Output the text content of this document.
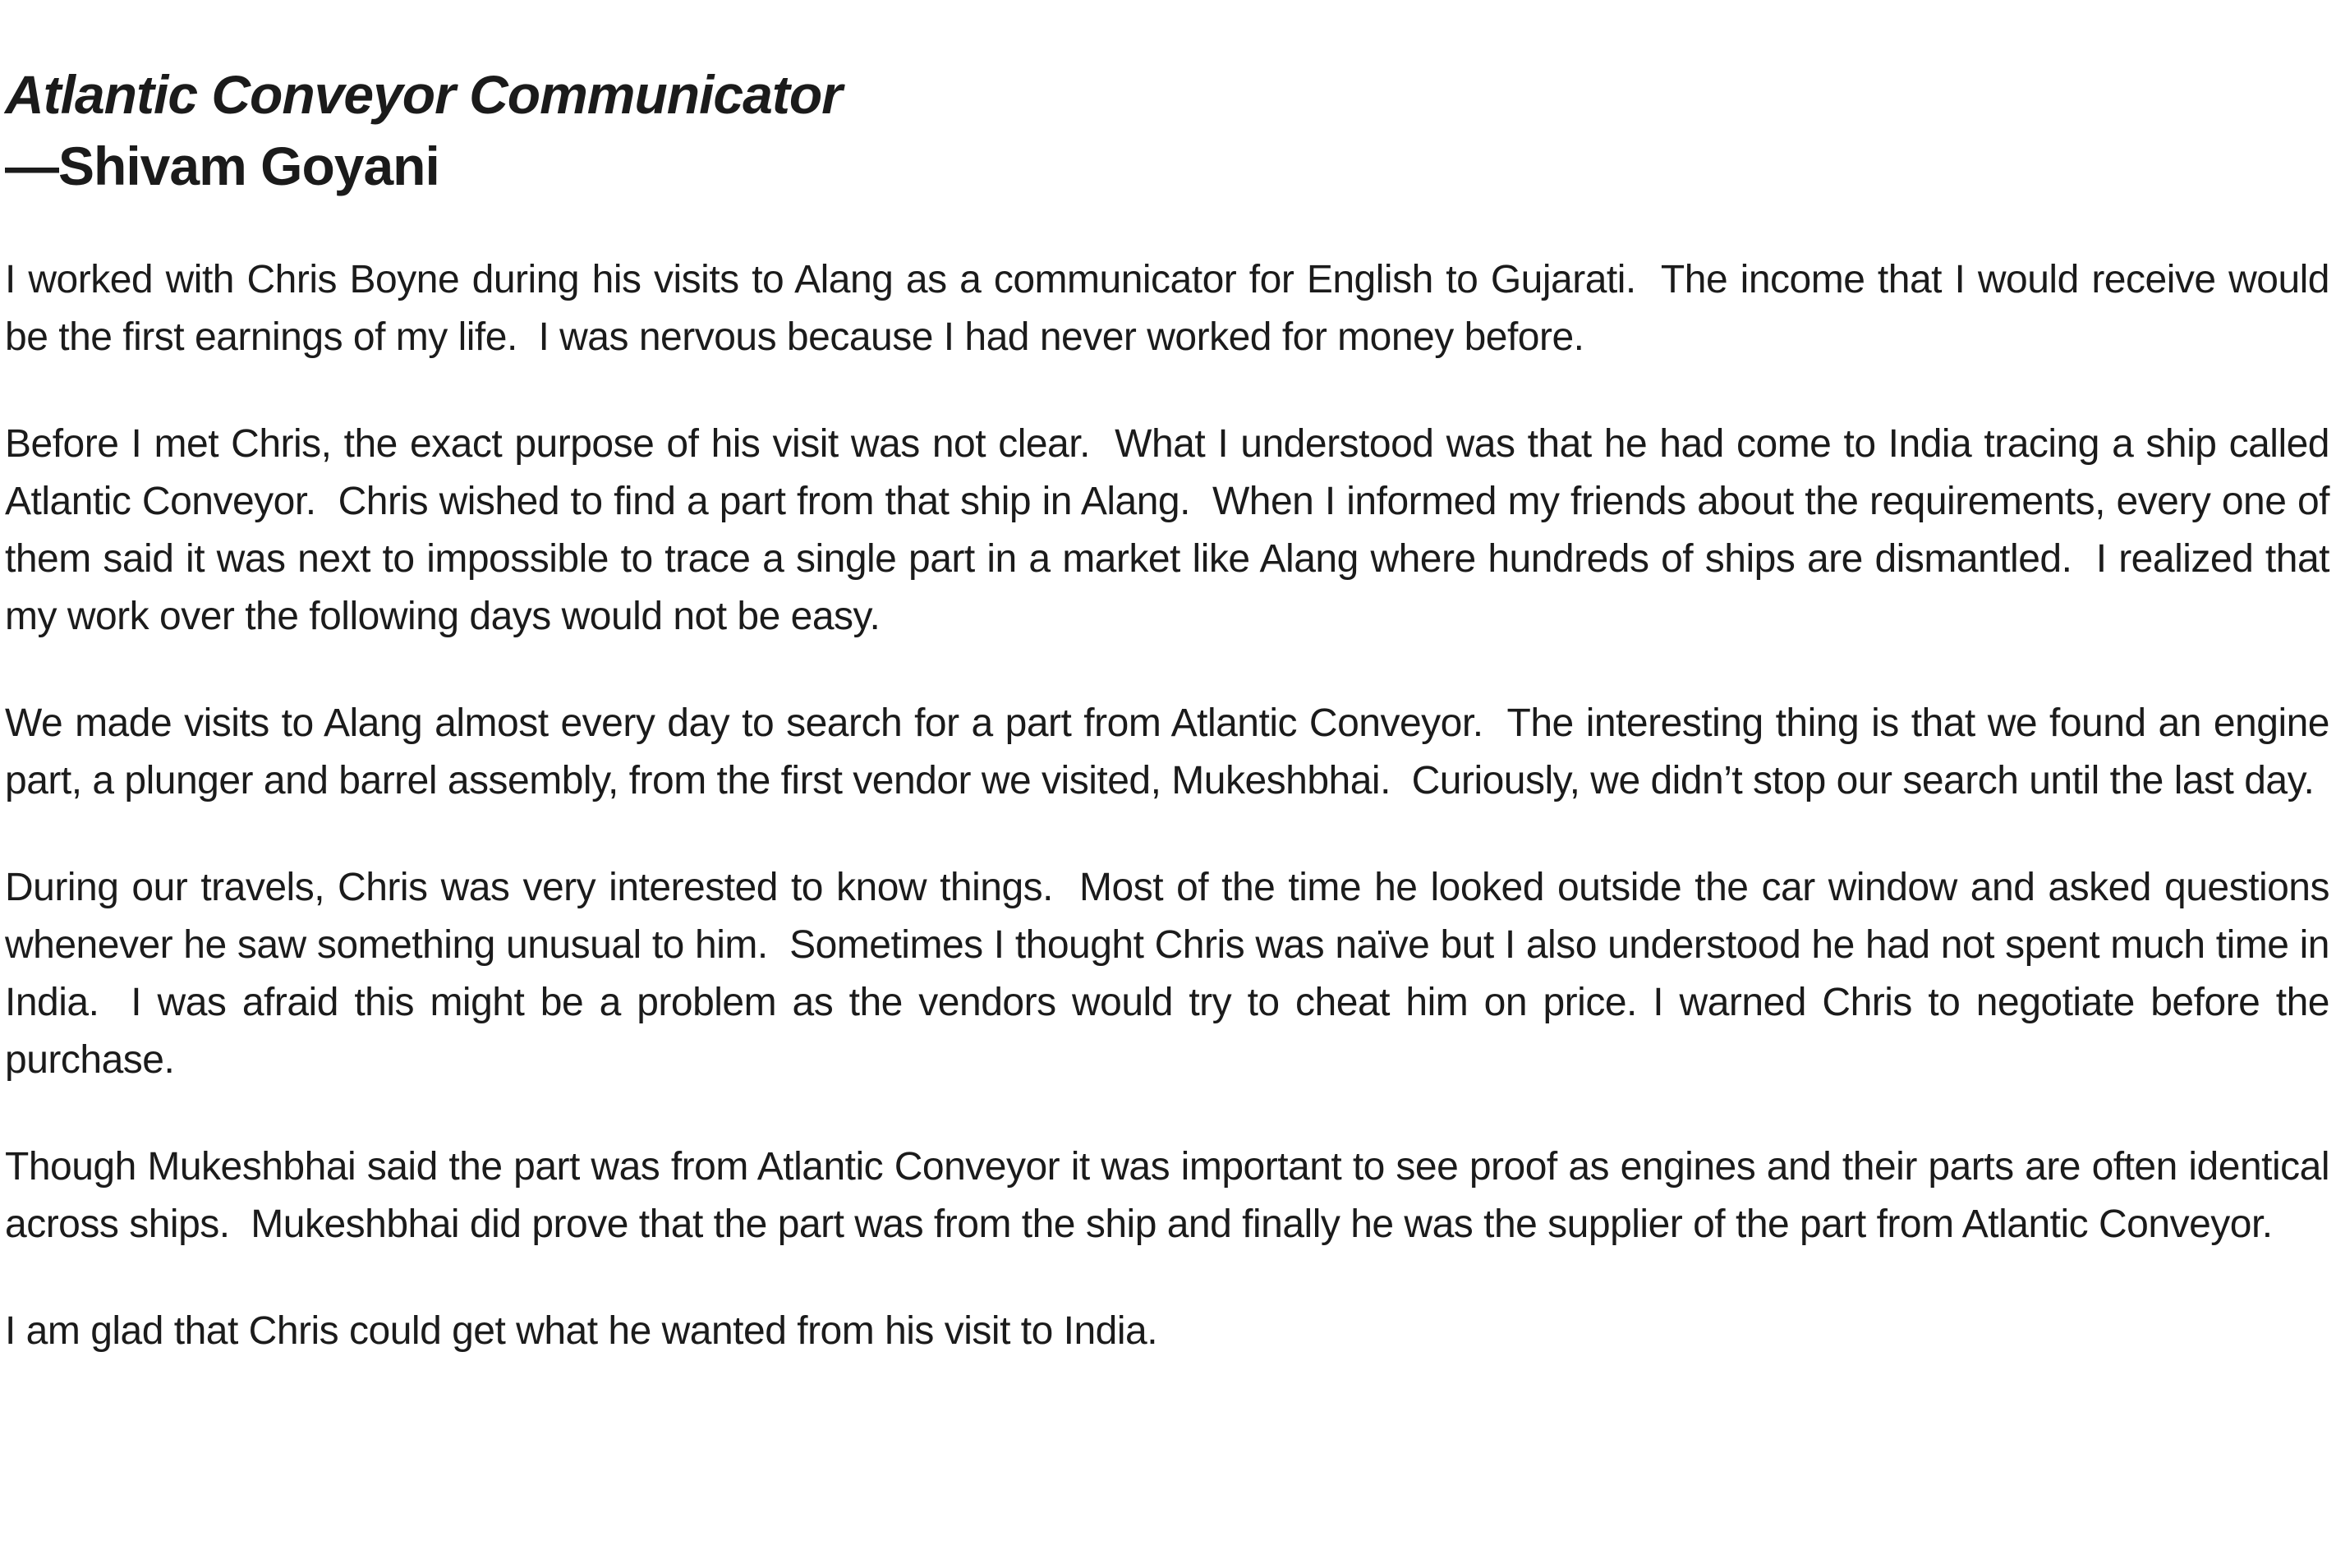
Atlantic Conveyor Communicator
—Shivam Goyani

I worked with Chris Boyne during his visits to Alang as a communicator for English to Gujarati.  The income that I would receive would be the first earnings of my life.  I was nervous because I had never worked for money before.

Before I met Chris, the exact purpose of his visit was not clear.  What I understood was that he had come to India tracing a ship called Atlantic Conveyor.  Chris wished to find a part from that ship in Alang.  When I informed my friends about the requirements, every one of them said it was next to impossible to trace a single part in a market like Alang where hundreds of ships are dismantled.  I realized that my work over the following days would not be easy.

We made visits to Alang almost every day to search for a part from Atlantic Conveyor.  The interesting thing is that we found an engine part, a plunger and barrel assembly, from the first vendor we visited, Mukeshbhai.  Curiously, we didn’t stop our search until the last day.

During our travels, Chris was very interested to know things.  Most of the time he looked outside the car window and asked questions whenever he saw something unusual to him.  Sometimes I thought Chris was naïve but I also understood he had not spent much time in India.  I was afraid this might be a problem as the vendors would try to cheat him on price. I warned Chris to negotiate before the purchase.

Though Mukeshbhai said the part was from Atlantic Conveyor it was important to see proof as engines and their parts are often identical across ships.  Mukeshbhai did prove that the part was from the ship and finally he was the supplier of the part from Atlantic Conveyor.

I am glad that Chris could get what he wanted from his visit to India.
